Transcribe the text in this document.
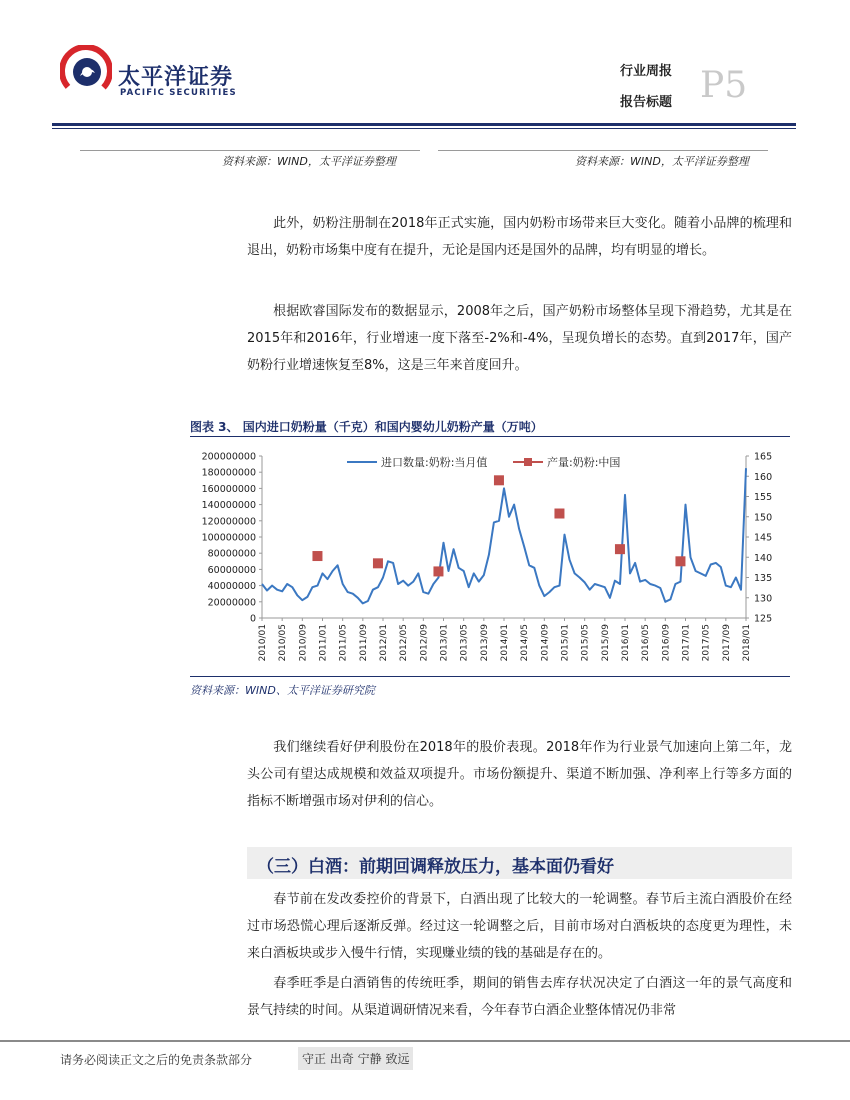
太平洋证券
PACIFIC SECURITIES
行业周报
报告标题 P5
资料来源：WIND，太平洋证券整理	资料来源：WIND，太平洋证券整理
此外，奶粉注册制在2018年正式实施，国内奶粉市场带来巨大变化。随着小品牌的梳理和退出，奶粉市场集中度有在提升，无论是国内还是国外的品牌，均有明显的增长。
根据欧睿国际发布的数据显示，2008年之后，国产奶粉市场整体呈现下滑趋势，尤其是在2015年和2016年，行业增速一度下落至-2%和-4%，呈现负增长的态势。直到2017年，国产奶粉行业增速恢复至8%，这是三年来首度回升。
图表 3、 国内进口奶粉量（千克）和国内婴幼儿奶粉产量（万吨）
0
20000000
40000000
60000000
80000000
100000000
120000000
140000000
160000000
180000000
200000000
125
130
135
140
145
150
155
160
165
2010/01 2010/05 2010/09 2011/01 2011/05 2011/09 2012/01 2012/05 2012/09 2013/01 2013/05 2013/09 2014/01 2014/05 2014/09 2015/01 2015/05 2015/09 2016/01 2016/05 2016/09 2017/01 2017/05 2017/09 2018/01
进口数量:奶粉:当月值	产量:奶粉:中国
资料来源：WIND、太平洋证券研究院
我们继续看好伊利股份在2018年的股价表现。2018年作为行业景气加速向上第二年，龙头公司有望达成规模和效益双项提升。市场份额提升、渠道不断加强、净利率上行等多方面的指标不断增强市场对伊利的信心。
（三）白酒：前期回调释放压力，基本面仍看好
春节前在发改委控价的背景下，白酒出现了比较大的一轮调整。春节后主流白酒股价在经过市场恐慌心理后逐渐反弹。经过这一轮调整之后，目前市场对白酒板块的态度更为理性，未来白酒板块或步入慢牛行情，实现赚业绩的钱的基础是存在的。
春季旺季是白酒销售的传统旺季，期间的销售去库存状况决定了白酒这一年的景气高度和景气持续的时间。从渠道调研情况来看，今年春节白酒企业整体情况仍非常
请务必阅读正文之后的免责条款部分	守正 出奇 宁静 致远
